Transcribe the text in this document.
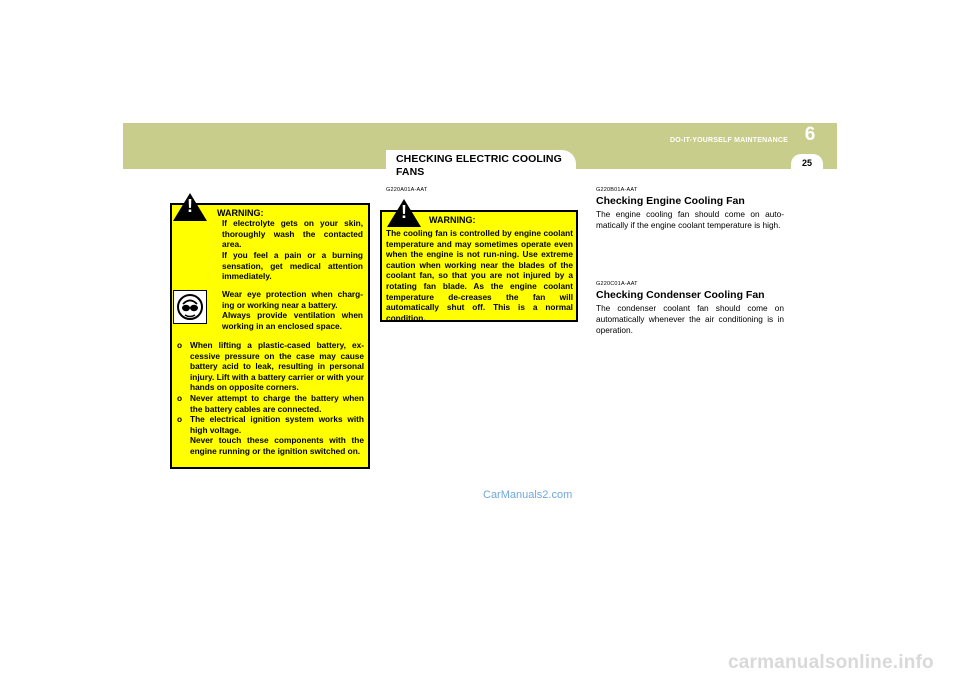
CHECKING ELECTRIC COOLING FANS
DO-IT-YOURSELF MAINTENANCE 6
25
!	WARNING:
If electrolyte gets on your skin, thoroughly wash the contacted area.
If you feel a pain or a burning sensation, get medical attention immediately.
Wear eye protection when charg-ing or working near a battery.
Always provide ventilation when working in an enclosed space.
o When lifting a plastic-cased battery, ex-cessive pressure on the case may cause battery acid to leak, resulting in personal injury. Lift with a battery carrier or with your hands on opposite corners.
o Never attempt to charge the battery when the battery cables are connected.
o The electrical ignition system works with high voltage.
Never touch these components with the engine running or the ignition switched on.
G220A01A-AAT
!	WARNING:
The cooling fan is controlled by engine coolant temperature and may sometimes operate even when the engine is not run-ning. Use extreme caution when working near the blades of the coolant fan, so that you are not injured by a rotating fan blade. As the engine coolant temperature de-creases the fan will automatically shut off. This is a normal condition.
G220B01A-AAT
Checking Engine Cooling Fan
The engine cooling fan should come on auto-matically if the engine coolant temperature is high.
G220C01A-AAT
Checking Condenser Cooling Fan
The condenser coolant fan should come on automatically whenever the air conditioning is in operation.
CarManuals2.com
carmanualsonline.info
